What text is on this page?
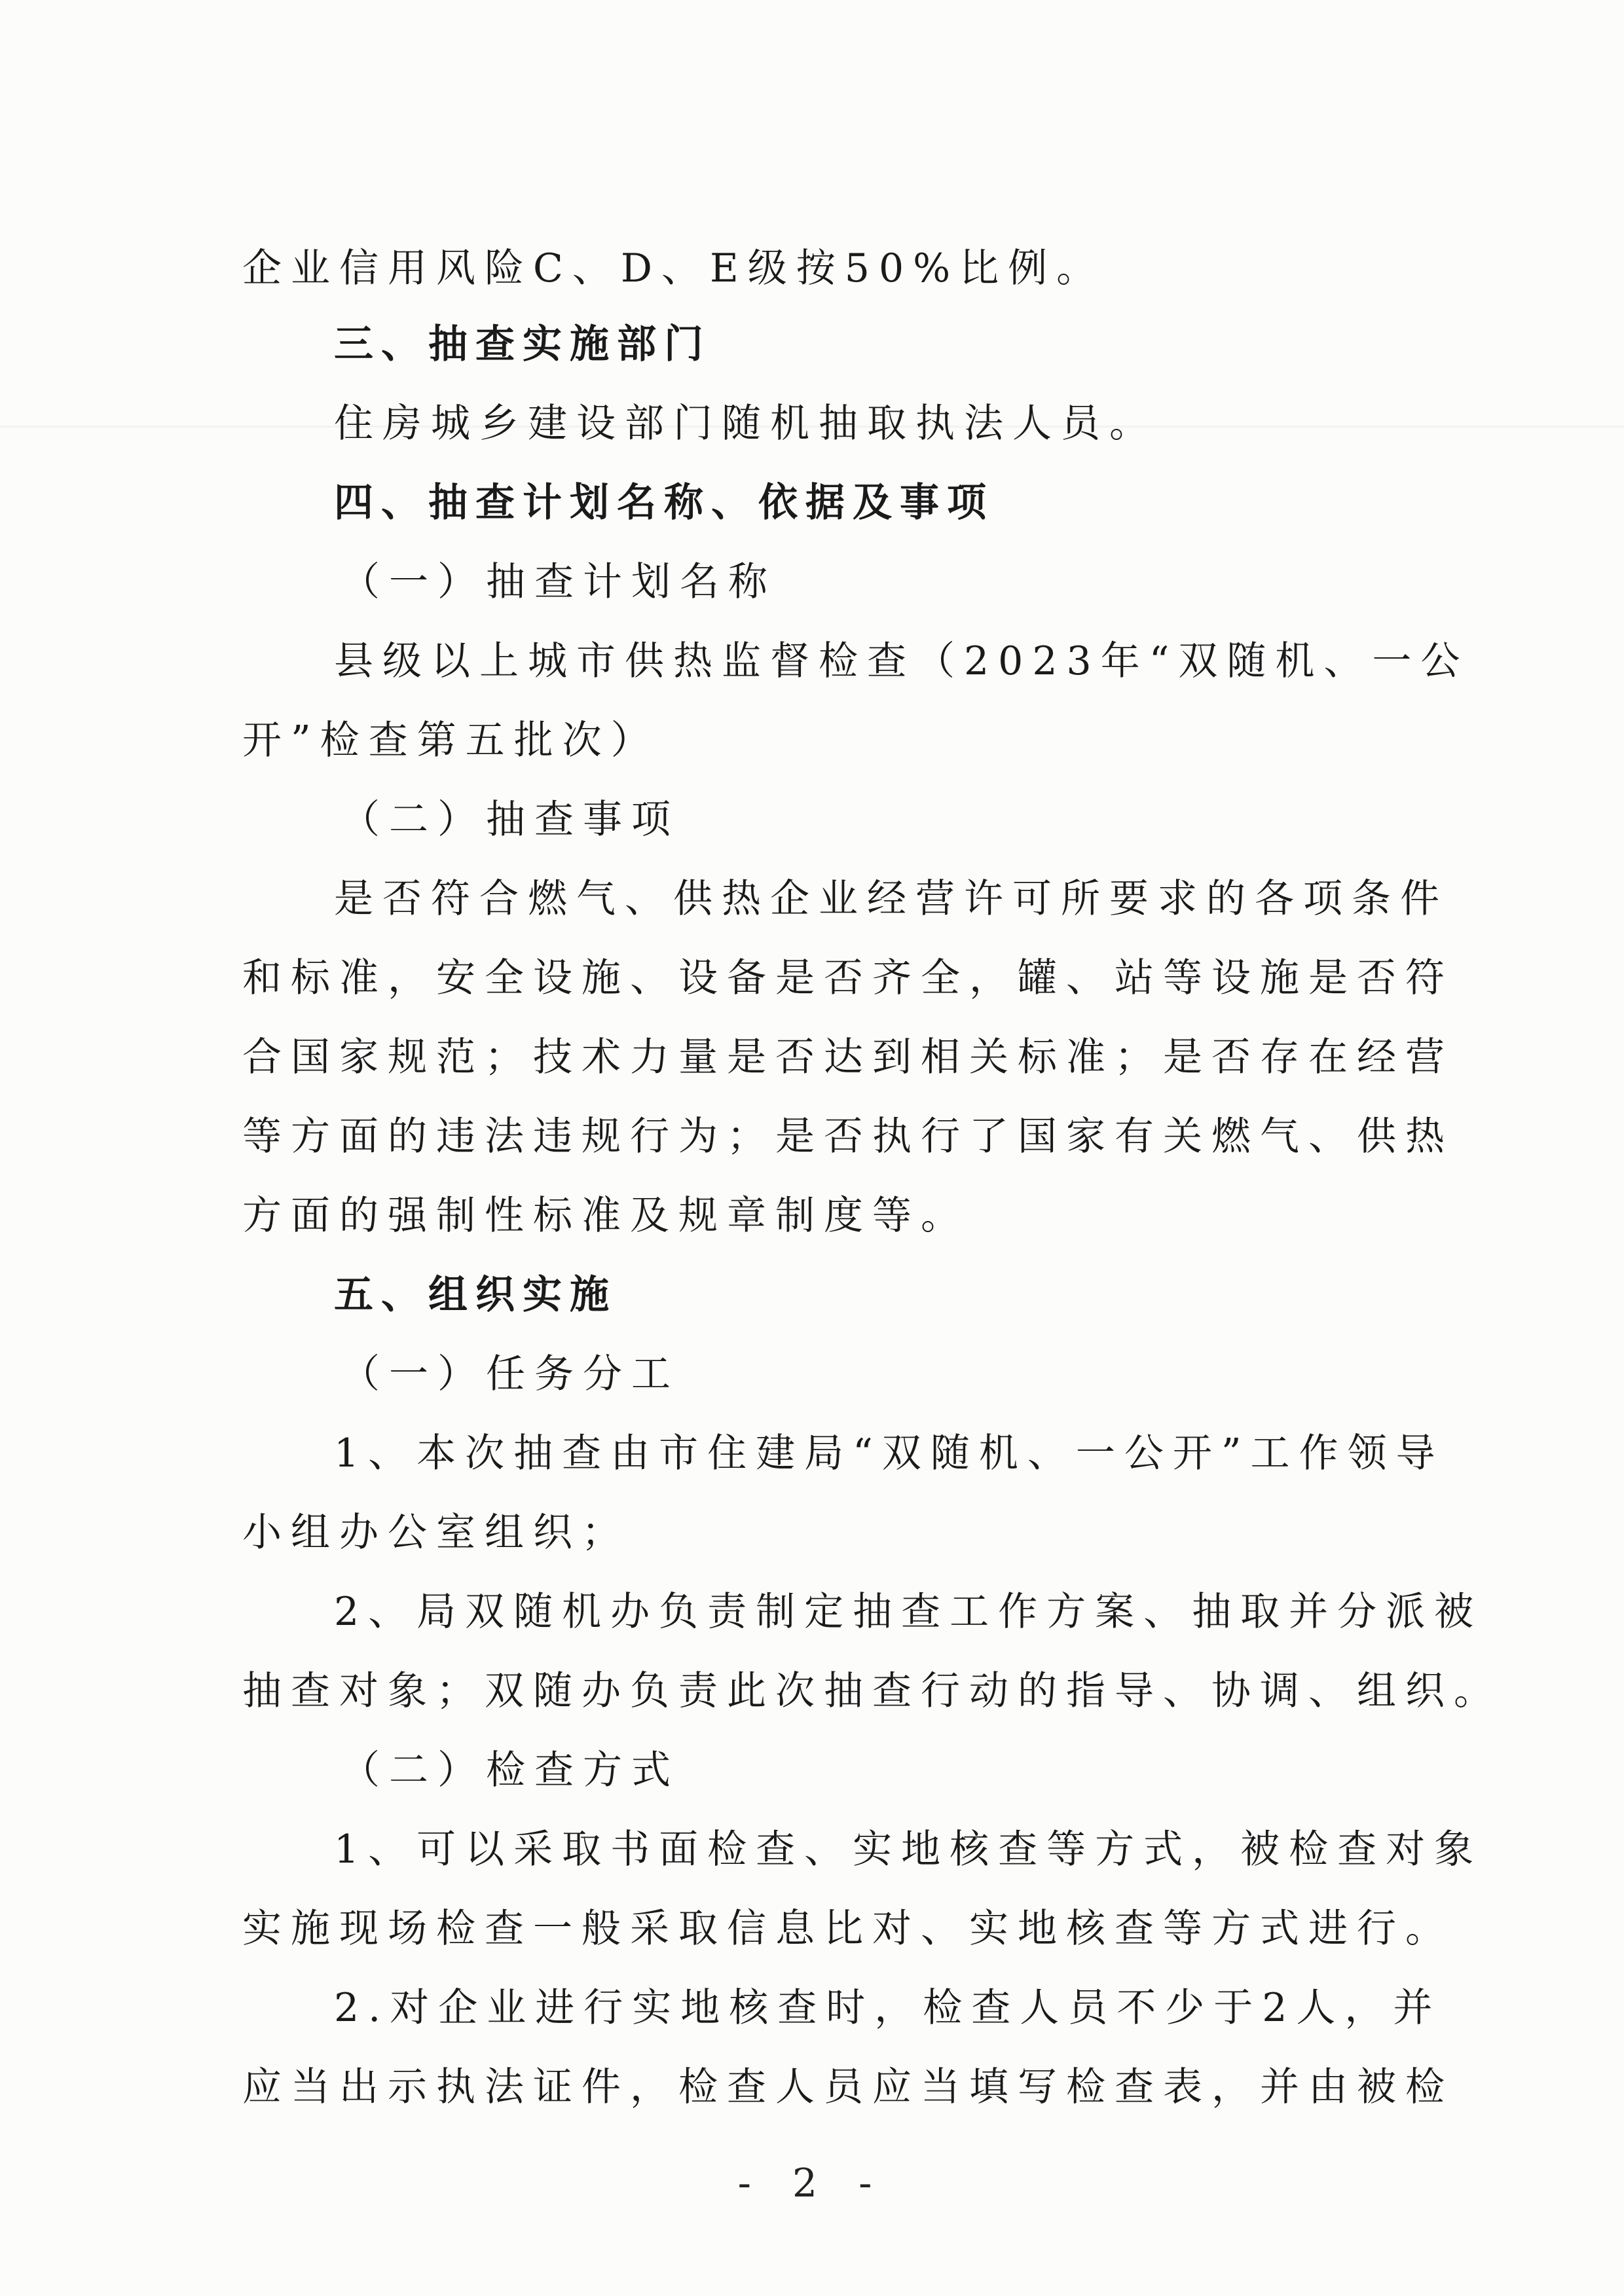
企业信用风险C、D、E级按50%比例。
三、抽查实施部门
住房城乡建设部门随机抽取执法人员。
四、抽查计划名称、依据及事项
（一）抽查计划名称
县级以上城市供热监督检查（2023年“双随机、一公
开”检查第五批次）
（二）抽查事项
是否符合燃气、供热企业经营许可所要求的各项条件
和标准，安全设施、设备是否齐全，罐、站等设施是否符
合国家规范；技术力量是否达到相关标准；是否存在经营
等方面的违法违规行为；是否执行了国家有关燃气、供热
方面的强制性标准及规章制度等。
五、组织实施
（一）任务分工
1、本次抽查由市住建局“双随机、一公开”工作领导
小组办公室组织；
2、局双随机办负责制定抽查工作方案、抽取并分派被
抽查对象；双随办负责此次抽查行动的指导、协调、组织。
（二）检查方式
1、可以采取书面检查、实地核查等方式，被检查对象
实施现场检查一般采取信息比对、实地核查等方式进行。
2.对企业进行实地核查时，检查人员不少于2人，并
应当出示执法证件，检查人员应当填写检查表，并由被检
- 2 -
